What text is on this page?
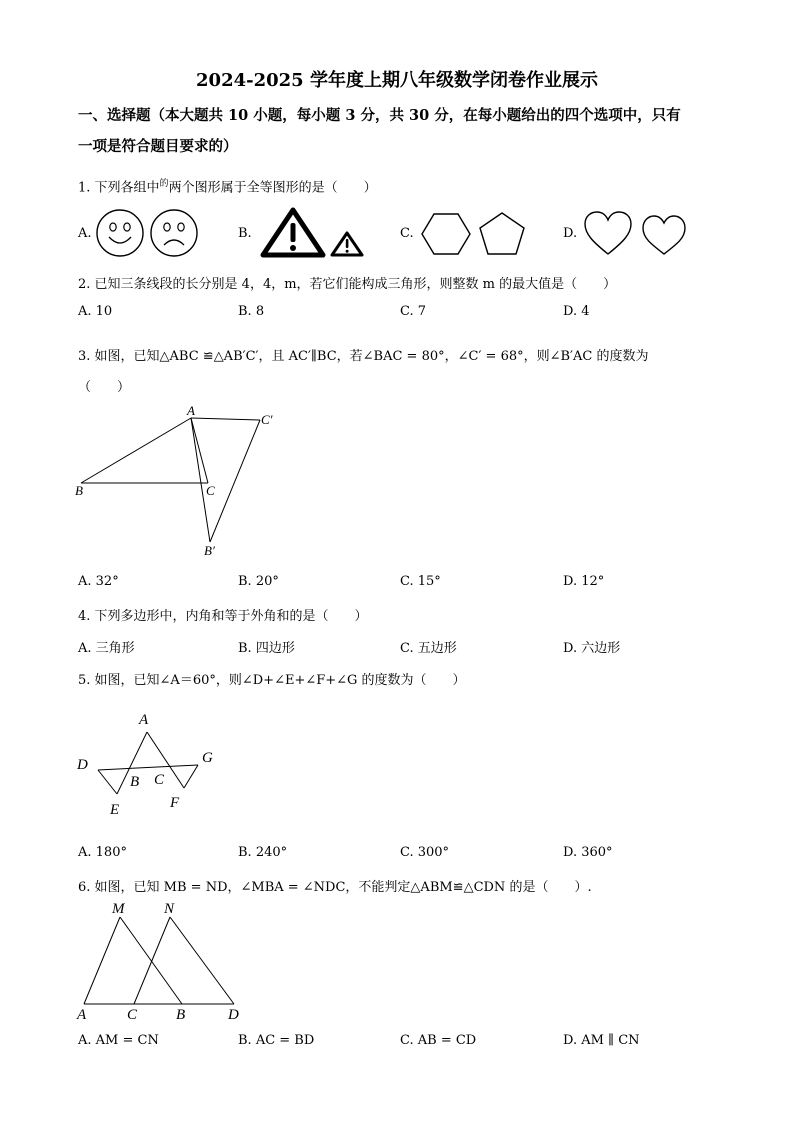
2024-2025 学年度上期八年级数学闭卷作业展示
一、选择题（本大题共 10 小题，每小题 3 分，共 30 分，在每小题给出的四个选项中，只有
一项是符合题目要求的）
1. 下列各组中$^的$两个图形属于全等图形的是（　　）
A.	B.	C.	D.
2. 已知三条线段的长分别是 4，4，m，若它们能构成三角形，则整数 m 的最大值是（　　）
A. 10	B. 8	C. 7	D. 4
3. 如图，已知△ABC ≌△AB′C′，且 AC′∥BC，若∠BAC = 80°，∠C′ = 68°，则∠B′AC 的度数为
（　　）
A
C′
B	C
B′
A. 32°	B. 20°	C. 15°	D. 12°
4. 下列多边形中，内角和等于外角和的是（　　）
A. 三角形	B. 四边形	C. 五边形	D. 六边形
5. 如图，已知∠A＝60°，则∠D+∠E+∠F+∠G 的度数为（　　）
A
D	G
B C
E	F
A. 180°	B. 240°	C. 300°	D. 360°
6. 如图，已知 MB = ND，∠MBA = ∠NDC，不能判定△ABM≌△CDN 的是（　　）.
M	N
A	C	B	D
A. AM = CN	B. AC = BD	C. AB = CD	D. AM ∥ CN
